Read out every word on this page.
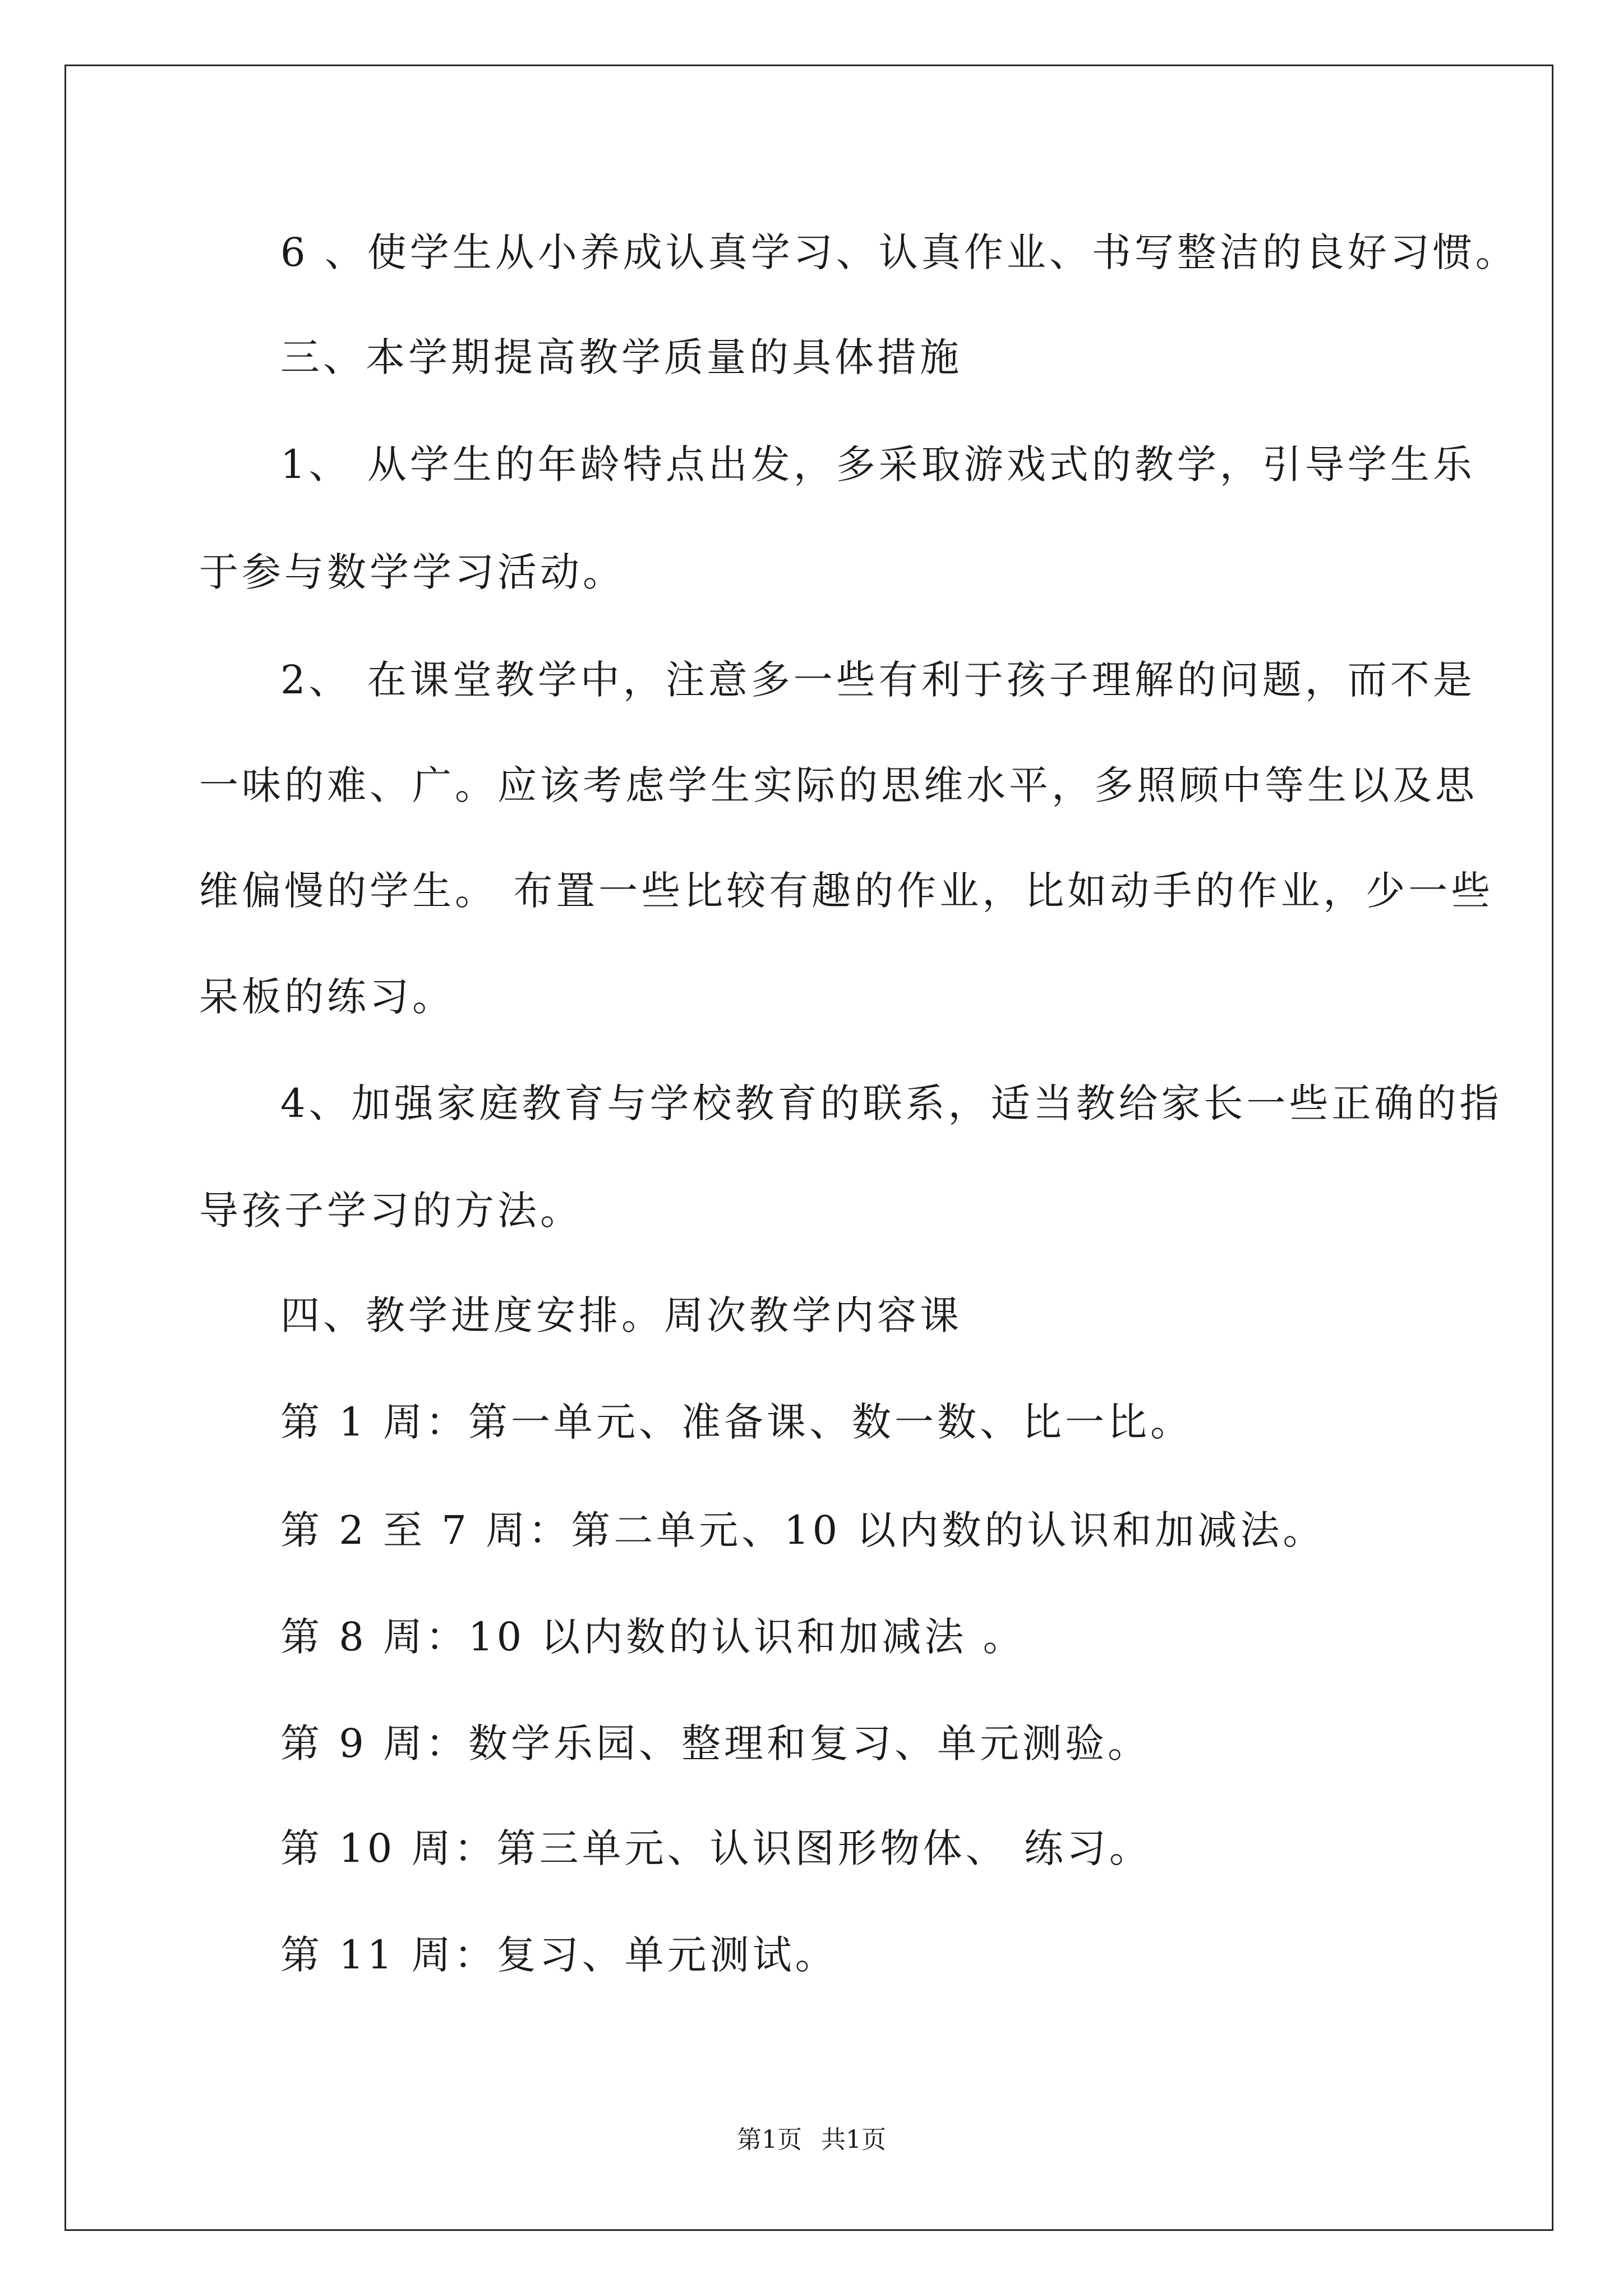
6 、使学生从小养成认真学习、认真作业、书写整洁的良好习惯。
三、本学期提高教学质量的具体措施
1、 从学生的年龄特点出发，多采取游戏式的教学，引导学生乐
于参与数学学习活动。
2、 在课堂教学中，注意多一些有利于孩子理解的问题，而不是
一味的难、广。应该考虑学生实际的思维水平，多照顾中等生以及思
维偏慢的学生。 布置一些比较有趣的作业，比如动手的作业，少一些
呆板的练习。
4、加强家庭教育与学校教育的联系，适当教给家长一些正确的指
导孩子学习的方法。
四、教学进度安排。周次教学内容课
第 1 周：第一单元、准备课、数一数、比一比。
第 2 至 7 周：第二单元、10 以内数的认识和加减法。
第 8 周：10 以内数的认识和加减法 。
第 9 周：数学乐园、整理和复习、单元测验。
第 10 周：第三单元、认识图形物体、 练习。
第 11 周：复习、单元测试。
第1页 共1页
